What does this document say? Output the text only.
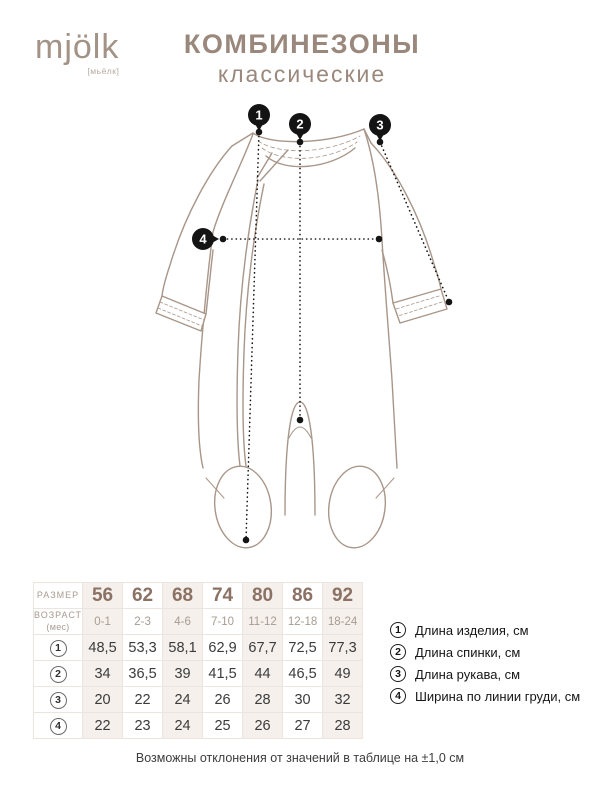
mjölk
[мьёлк]
КОМБИНЕЗОНЫ
классические
1
2	3
4
РАЗМЕР	56	62	68	74	80	86	92

ВОЗРАСТ
(мес)	0-1	2-3	4-6	7-10	11-12	12-18	18-24
1	48,5	53,3	58,1	62,9	67,7	72,5	77,3
2	34	36,5	39	41,5	44	46,5	49
3	20	22	24	26	28	30	32
4	22	23	24	25	26	27	28
1	Длина изделия, см
2	Длина спинки, см
3	Длина рукава, см
4	Ширина по линии груди, см
Возможны отклонения от значений в таблице на ±1,0 см
